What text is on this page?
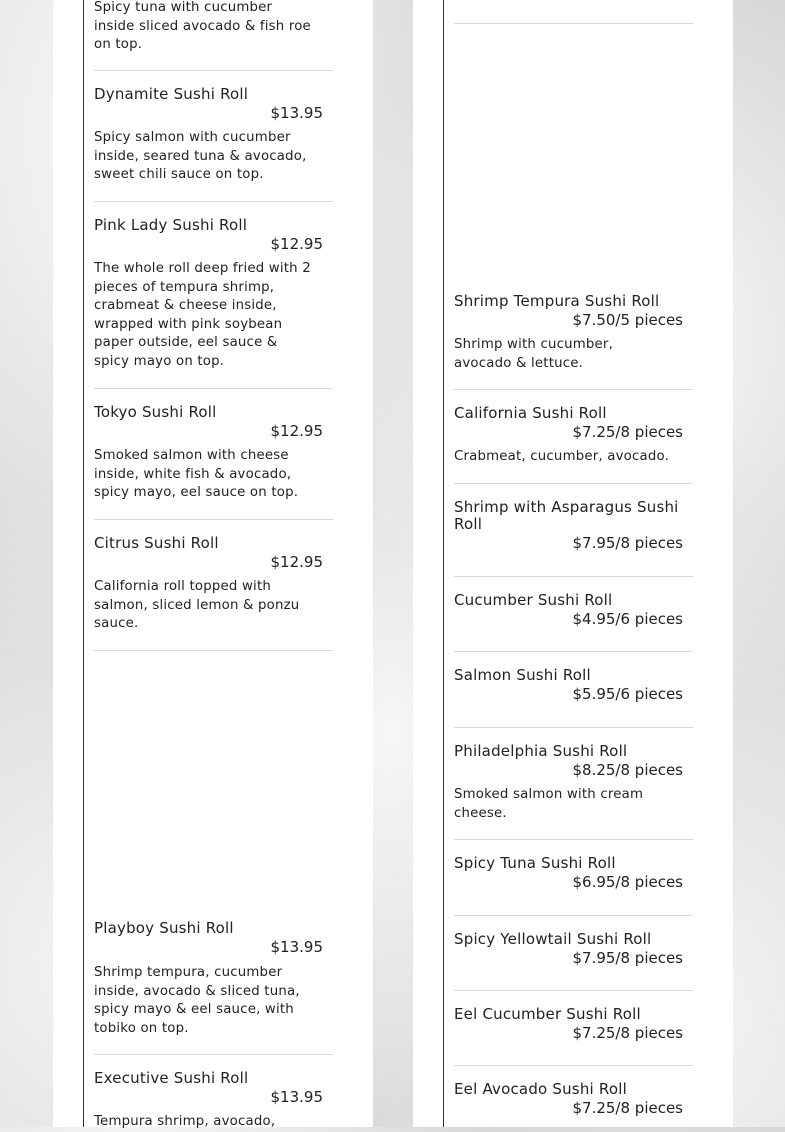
Spicy tuna with cucumber inside sliced avocado & fish roe on top.
Dynamite Sushi Roll
$13.95
Spicy salmon with cucumber inside, seared tuna & avocado, sweet chili sauce on top.
Pink Lady Sushi Roll
$12.95
The whole roll deep fried with 2 pieces of tempura shrimp, crabmeat & cheese inside, wrapped with pink soybean paper outside, eel sauce & spicy mayo on top.
Tokyo Sushi Roll
$12.95
Smoked salmon with cheese inside, white fish & avocado, spicy mayo, eel sauce on top.
Citrus Sushi Roll
$12.95
California roll topped with salmon, sliced lemon & ponzu sauce.
Playboy Sushi Roll
$13.95
Shrimp tempura, cucumber inside, avocado & sliced tuna, spicy mayo & eel sauce, with tobiko on top.
Executive Sushi Roll
$13.95
Tempura shrimp, avocado,
Shrimp Tempura Sushi Roll
$7.50/5 pieces
Shrimp with cucumber, avocado & lettuce.
California Sushi Roll
$7.25/8 pieces
Crabmeat, cucumber, avocado.
Shrimp with Asparagus Sushi Roll
$7.95/8 pieces
Cucumber Sushi Roll
$4.95/6 pieces
Salmon Sushi Roll
$5.95/6 pieces
Philadelphia Sushi Roll
$8.25/8 pieces
Smoked salmon with cream cheese.
Spicy Tuna Sushi Roll
$6.95/8 pieces
Spicy Yellowtail Sushi Roll
$7.95/8 pieces
Eel Cucumber Sushi Roll
$7.25/8 pieces
Eel Avocado Sushi Roll
$7.25/8 pieces
